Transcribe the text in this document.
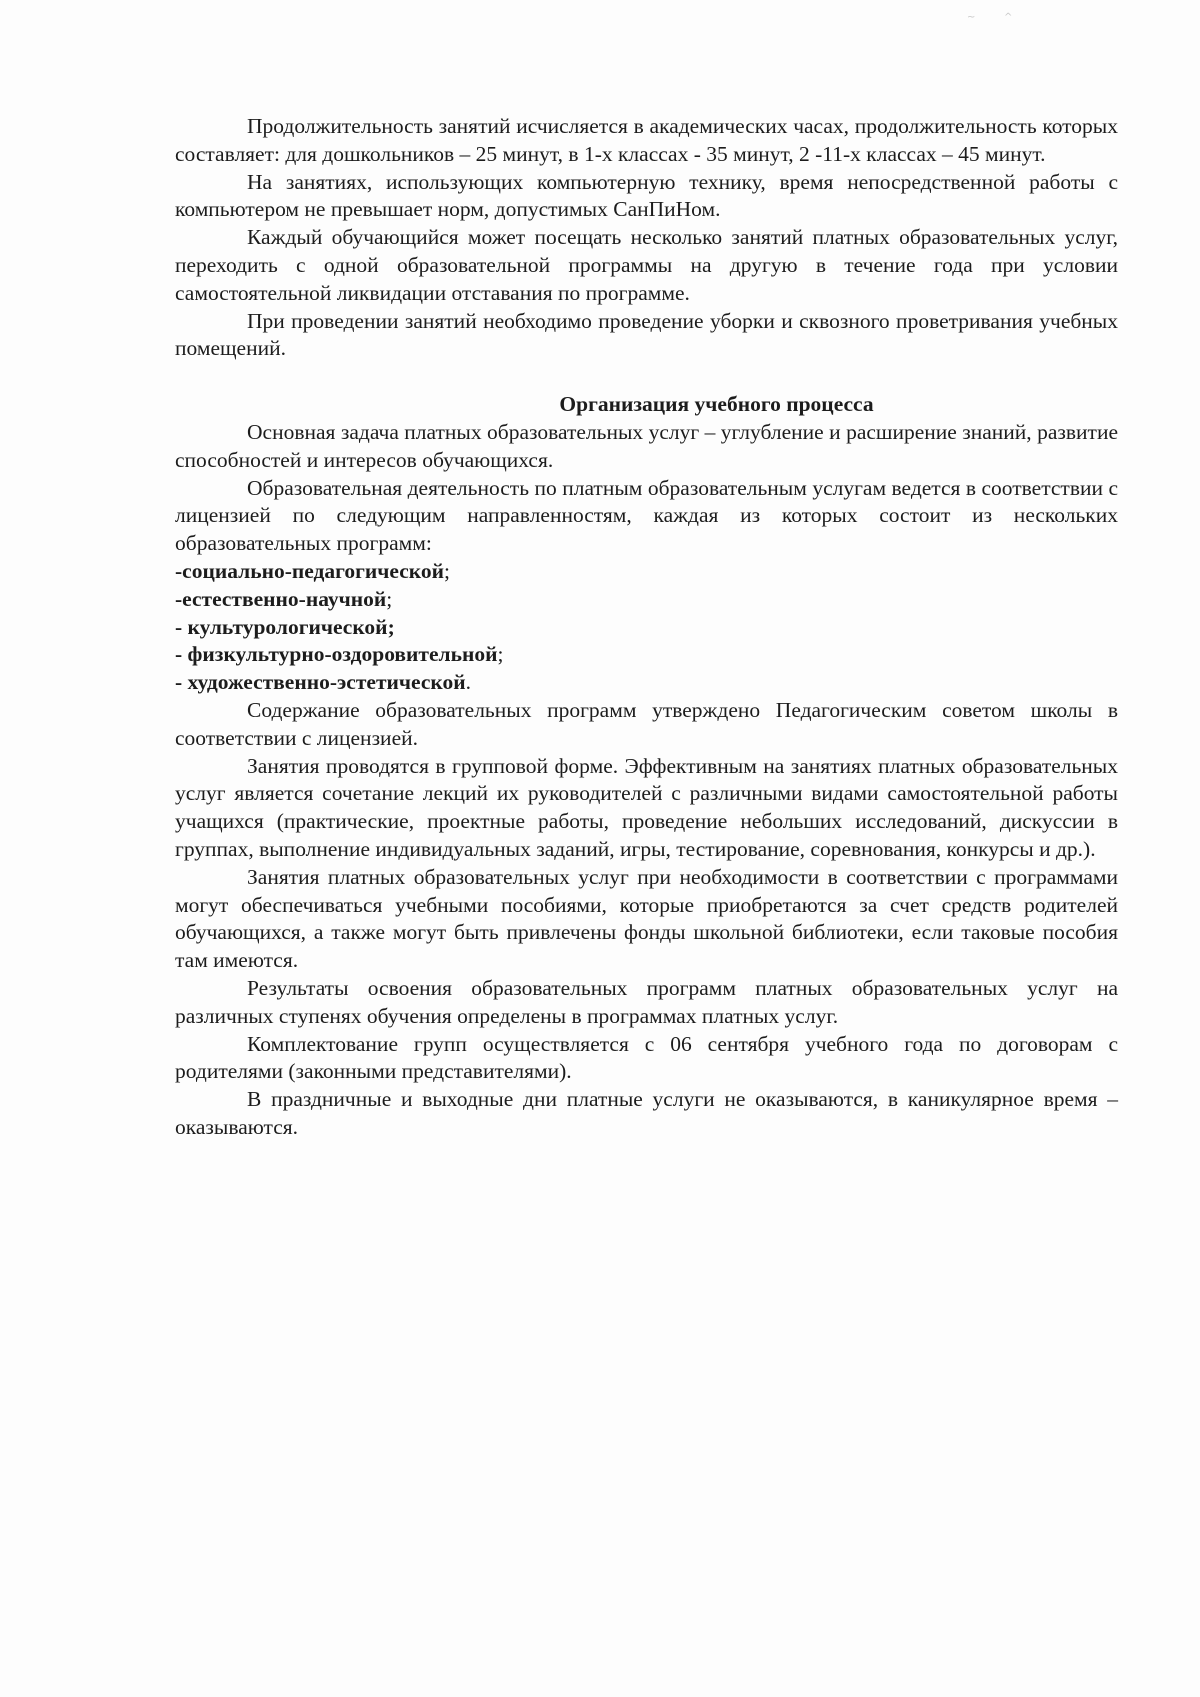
~	^

Продолжительность занятий исчисляется в академических часах, продолжительность которых составляет: для дошкольников – 25 минут, в 1-х классах - 35 минут, 2 -11-х классах – 45 минут.

На занятиях, использующих компьютерную технику, время непосредственной работы с компьютером не превышает норм, допустимых СанПиНом.

Каждый обучающийся может посещать несколько занятий платных образовательных услуг, переходить с одной образовательной программы на другую в течение года при условии самостоятельной ликвидации отставания по программе.

При проведении занятий необходимо проведение уборки и сквозного проветривания учебных помещений.

Организация учебного процесса

Основная задача платных образовательных услуг – углубление и расширение знаний, развитие способностей и интересов обучающихся.

Образовательная деятельность по платным образовательным услугам ведется в соответствии с лицензией по следующим направленностям, каждая из которых состоит из нескольких образовательных программ:

-социально-педагогической;

-естественно-научной;

- культурологической;

- физкультурно-оздоровительной;

- художественно-эстетической.

Содержание образовательных программ утверждено Педагогическим советом школы в соответствии с лицензией.

Занятия проводятся в групповой форме. Эффективным на занятиях платных образовательных услуг является сочетание лекций их руководителей с различными видами самостоятельной работы учащихся (практические, проектные работы, проведение небольших исследований, дискуссии в группах, выполнение индивидуальных заданий, игры, тестирование, соревнования, конкурсы и др.).

Занятия платных образовательных услуг при необходимости в соответствии с программами могут обеспечиваться учебными пособиями, которые приобретаются за счет средств родителей обучающихся, а также могут быть привлечены фонды школьной библиотеки, если таковые пособия там имеются.

Результаты освоения образовательных программ платных образовательных услуг на различных ступенях обучения определены в программах платных услуг.

Комплектование групп осуществляется с 06 сентября учебного года по договорам с родителями (законными представителями).

В праздничные и выходные дни платные услуги не оказываются, в каникулярное время – оказываются.
